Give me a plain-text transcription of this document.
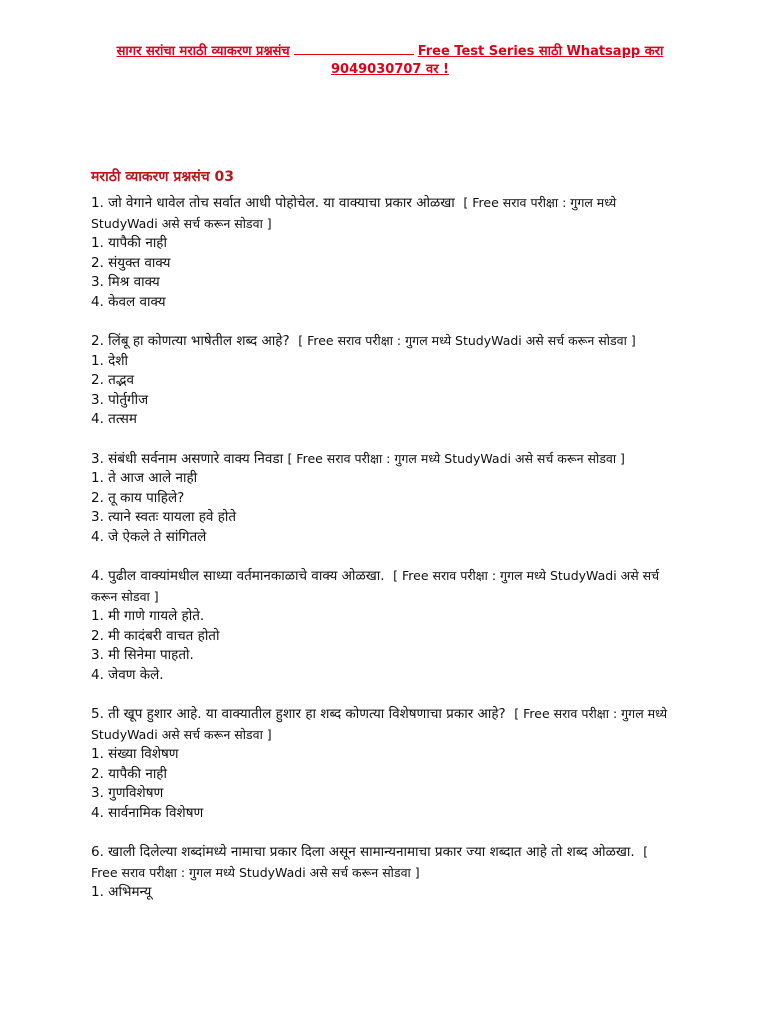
सागर सरांचा मराठी व्याकरण प्रश्नसंच	Free Test Series साठी Whatsapp करा
9049030707 वर !
मराठी व्याकरण प्रश्नसंच 03

1. जो वेगाने धावेल तोच सर्वात आधी पोहोचेल. या वाक्याचा प्रकार ओळखा [ Free सराव परीक्षा : गुगल मध्ये StudyWadi असे सर्च करून सोडवा ]

1. यापैकी नाही

2. संयुक्त वाक्य

3. मिश्र वाक्य

4. केवल वाक्य

2. लिंबू हा कोणत्या भाषेतील शब्द आहे? [ Free सराव परीक्षा : गुगल मध्ये StudyWadi असे सर्च करून सोडवा ]

1. देशी

2. तद्भव

3. पोर्तुगीज

4. तत्सम

3. संबंधी सर्वनाम असणारे वाक्य निवडा [ Free सराव परीक्षा : गुगल मध्ये StudyWadi असे सर्च करून सोडवा ]

1. ते आज आले नाही

2. तू काय पाहिले?

3. त्याने स्वतः यायला हवे होते

4. जे ऐकले ते सांगितले

4. पुढील वाक्यांमधील साध्या वर्तमानकाळाचे वाक्य ओळखा. [ Free सराव परीक्षा : गुगल मध्ये StudyWadi असे सर्च करून सोडवा ]

1. मी गाणे गायले होते.

2. मी कादंबरी वाचत होतो

3. मी सिनेमा पाहतो.

4. जेवण केले.

5. ती खूप हुशार आहे. या वाक्यातील हुशार हा शब्द कोणत्या विशेषणाचा प्रकार आहे? [ Free सराव परीक्षा : गुगल मध्ये StudyWadi असे सर्च करून सोडवा ]

1. संख्या विशेषण

2. यापैकी नाही

3. गुणविशेषण

4. सार्वनामिक विशेषण

6. खाली दिलेल्या शब्दांमध्ये नामाचा प्रकार दिला असून सामान्यनामाचा प्रकार ज्या शब्दात आहे तो शब्द ओळखा. [ Free सराव परीक्षा : गुगल मध्ये StudyWadi असे सर्च करून सोडवा ]

1. अभिमन्यू
